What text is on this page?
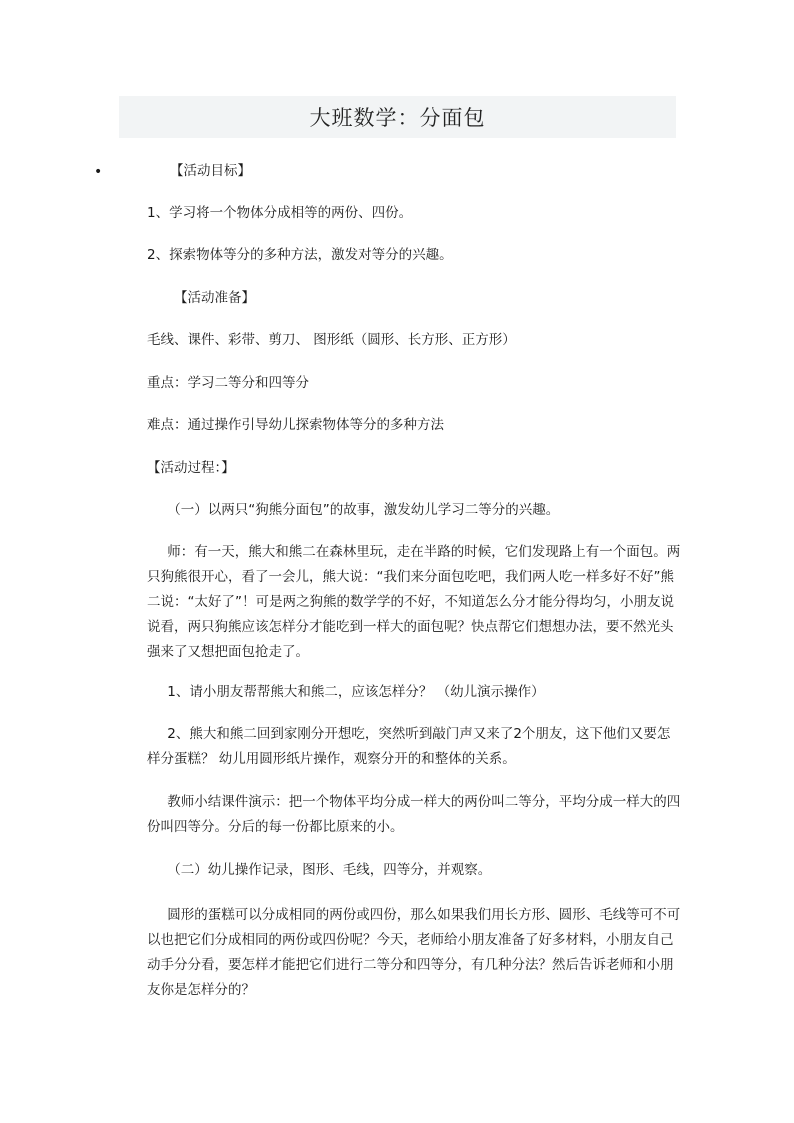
大班数学：分面包
•	【活动目标】

1、学习将一个物体分成相等的两份、四份。

2、探索物体等分的多种方法，激发对等分的兴趣。

【活动准备】

毛线、课件、彩带、剪刀、 图形纸（圆形、长方形、正方形）

重点：学习二等分和四等分

难点：通过操作引导幼儿探索物体等分的多种方法

【活动过程：】

（一）以两只“狗熊分面包”的故事，激发幼儿学习二等分的兴趣。

师：有一天，熊大和熊二在森林里玩，走在半路的时候，它们发现路上有一个面包。两只狗熊很开心，看了一会儿，熊大说：“我们来分面包吃吧，我们两人吃一样多好不好”熊二说：“太好了”！可是两之狗熊的数学学的不好，不知道怎么分才能分得均匀，小朋友说说看，两只狗熊应该怎样分才能吃到一样大的面包呢？快点帮它们想想办法，要不然光头强来了又想把面包抢走了。

1、请小朋友帮帮熊大和熊二，应该怎样分？ （幼儿演示操作）

2、熊大和熊二回到家刚分开想吃，突然听到敲门声又来了2个朋友，这下他们又要怎样分蛋糕？ 幼儿用圆形纸片操作，观察分开的和整体的关系。

教师小结课件演示：把一个物体平均分成一样大的两份叫二等分，平均分成一样大的四份叫四等分。分后的每一份都比原来的小。

（二）幼儿操作记录，图形、毛线，四等分，并观察。

圆形的蛋糕可以分成相同的两份或四份，那么如果我们用长方形、圆形、毛线等可不可以也把它们分成相同的两份或四份呢？今天，老师给小朋友准备了好多材料，小朋友自己动手分分看，要怎样才能把它们进行二等分和四等分，有几种分法？然后告诉老师和小朋友你是怎样分的？
